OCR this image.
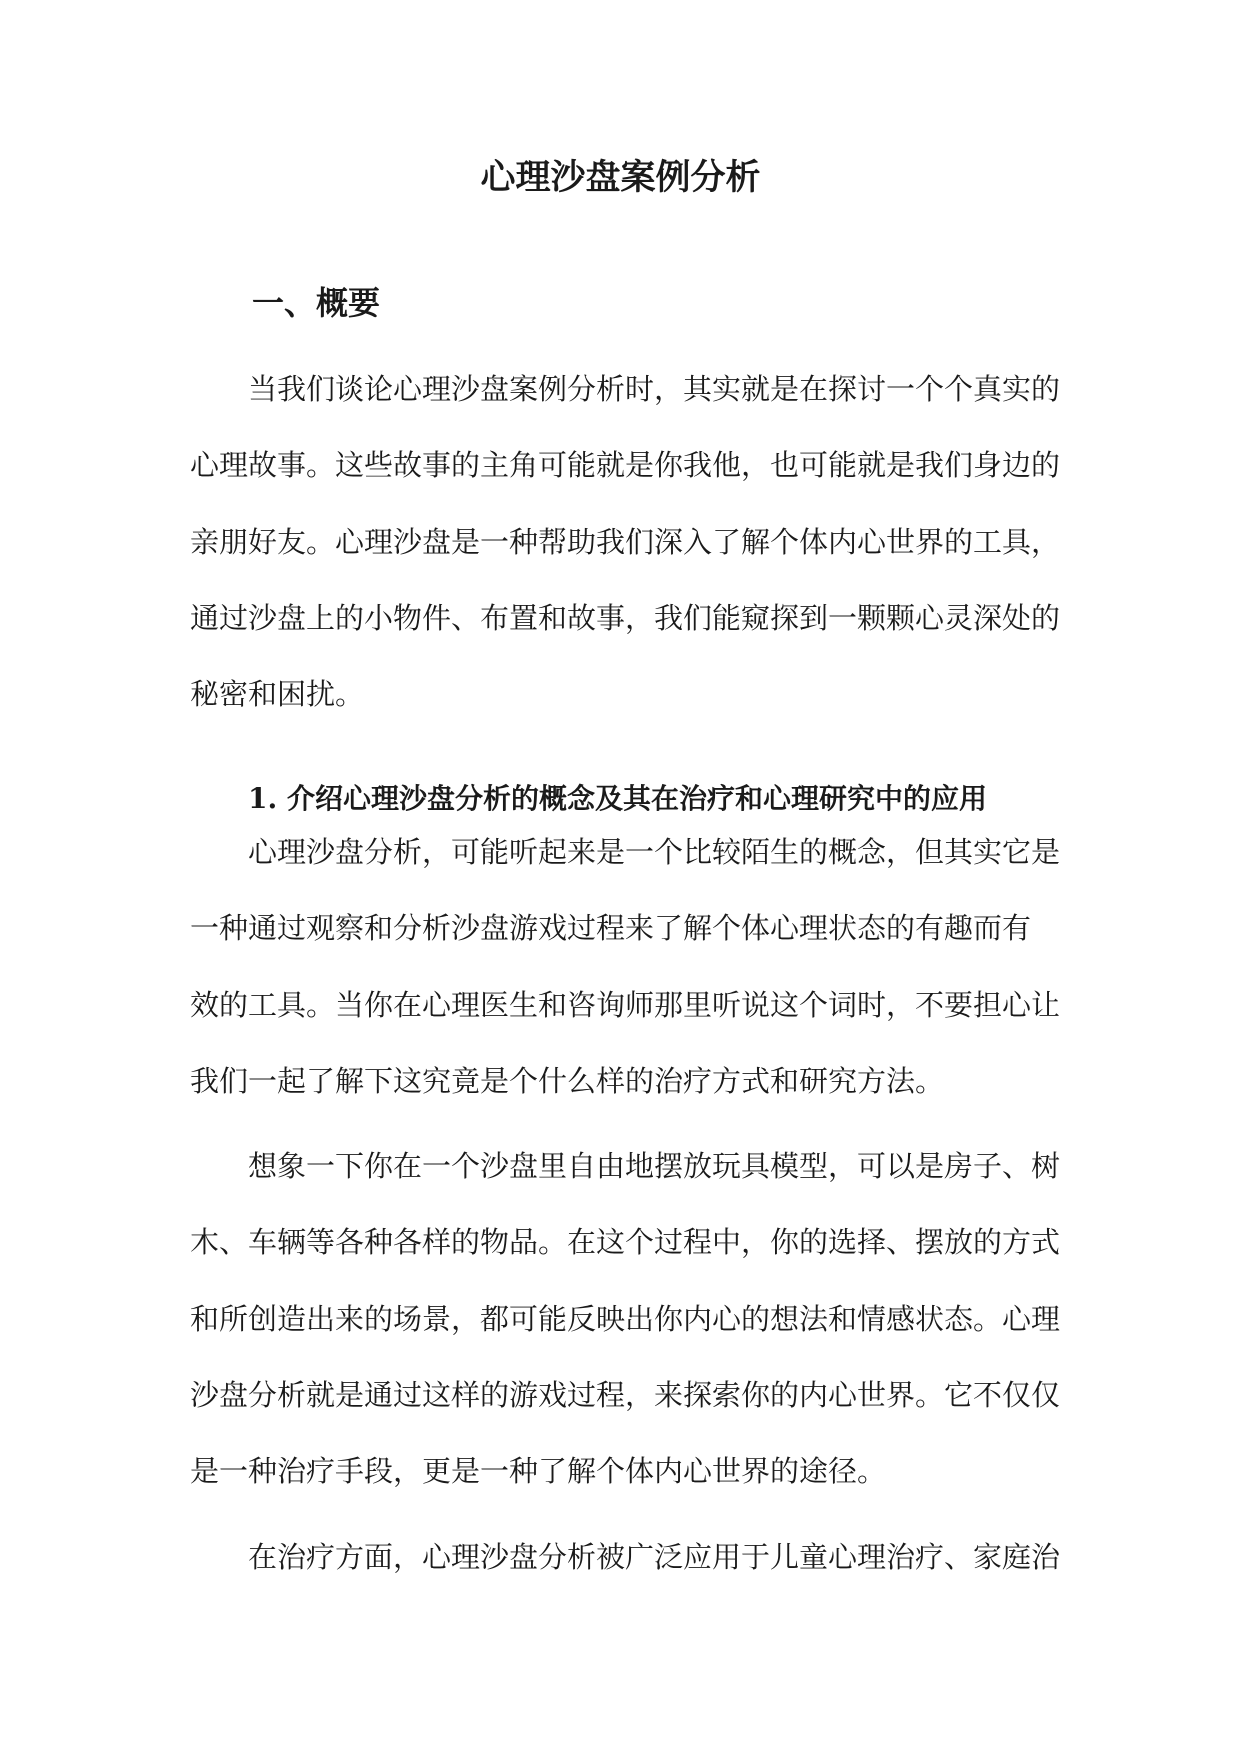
心理沙盘案例分析
一、概要
当我们谈论心理沙盘案例分析时，其实就是在探讨一个个真实的
心理故事。这些故事的主角可能就是你我他，也可能就是我们身边的
亲朋好友。心理沙盘是一种帮助我们深入了解个体内心世界的工具，
通过沙盘上的小物件、布置和故事，我们能窥探到一颗颗心灵深处的
秘密和困扰。
1. 介绍心理沙盘分析的概念及其在治疗和心理研究中的应用
心理沙盘分析，可能听起来是一个比较陌生的概念，但其实它是
一种通过观察和分析沙盘游戏过程来了解个体心理状态的有趣而有
效的工具。当你在心理医生和咨询师那里听说这个词时，不要担心让
我们一起了解下这究竟是个什么样的治疗方式和研究方法。
想象一下你在一个沙盘里自由地摆放玩具模型，可以是房子、树
木、车辆等各种各样的物品。在这个过程中，你的选择、摆放的方式
和所创造出来的场景，都可能反映出你内心的想法和情感状态。心理
沙盘分析就是通过这样的游戏过程，来探索你的内心世界。它不仅仅
是一种治疗手段，更是一种了解个体内心世界的途径。
在治疗方面，心理沙盘分析被广泛应用于儿童心理治疗、家庭治
